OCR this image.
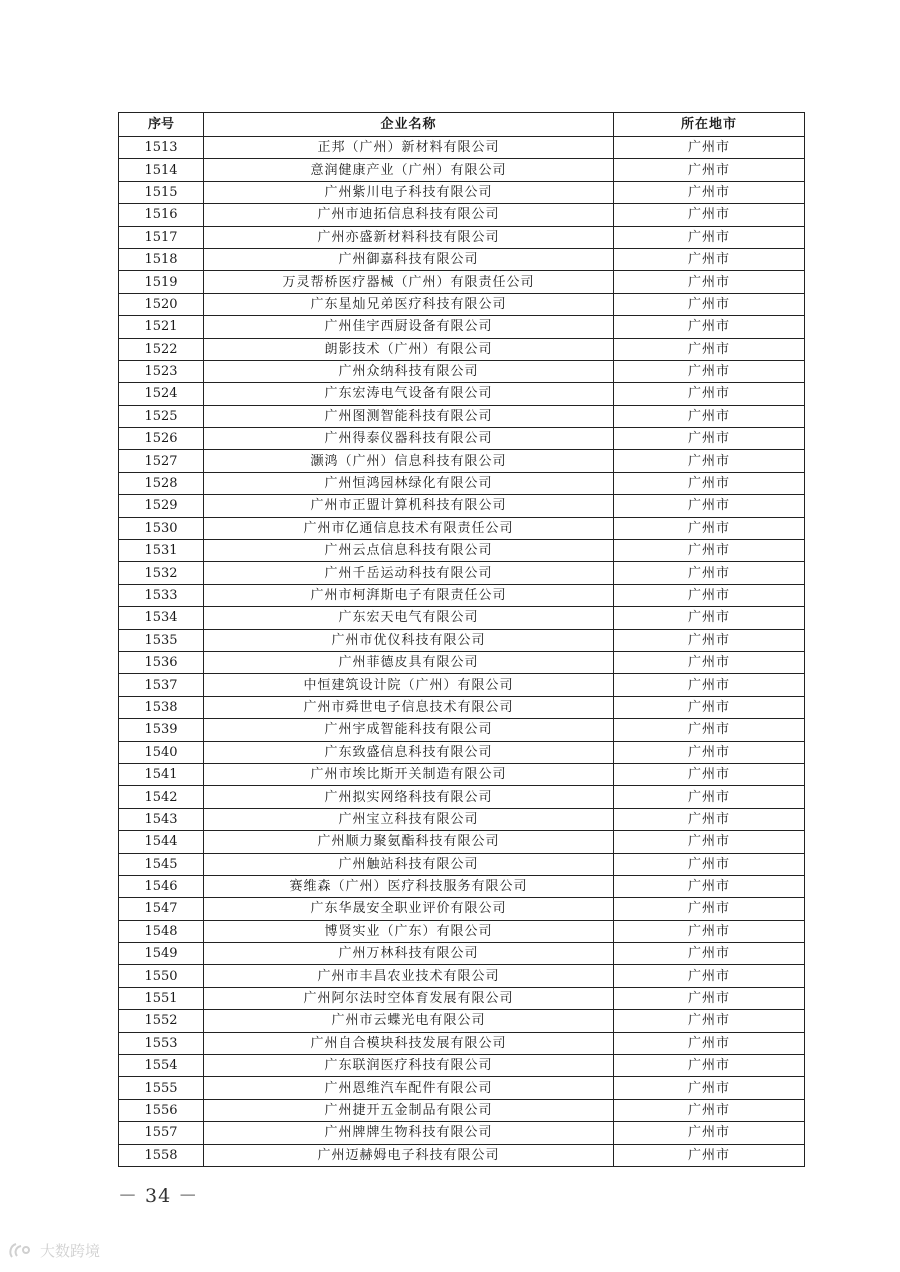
序号	企业名称	所在地市
1513	正邦（广州）新材料有限公司	广州市
1514	意润健康产业（广州）有限公司	广州市
1515	广州紫川电子科技有限公司	广州市
1516	广州市迪拓信息科技有限公司	广州市
1517	广州亦盛新材料科技有限公司	广州市
1518	广州御嘉科技有限公司	广州市
1519	万灵帮桥医疗器械（广州）有限责任公司	广州市
1520	广东星灿兄弟医疗科技有限公司	广州市
1521	广州佳宇西厨设备有限公司	广州市
1522	朗影技术（广州）有限公司	广州市
1523	广州众纳科技有限公司	广州市
1524	广东宏涛电气设备有限公司	广州市
1525	广州图测智能科技有限公司	广州市
1526	广州得泰仪器科技有限公司	广州市
1527	灏鸿（广州）信息科技有限公司	广州市
1528	广州恒鸿园林绿化有限公司	广州市
1529	广州市正盟计算机科技有限公司	广州市
1530	广州市亿通信息技术有限责任公司	广州市
1531	广州云点信息科技有限公司	广州市
1532	广州千岳运动科技有限公司	广州市
1533	广州市柯湃斯电子有限责任公司	广州市
1534	广东宏天电气有限公司	广州市
1535	广州市优仪科技有限公司	广州市
1536	广州菲德皮具有限公司	广州市
1537	中恒建筑设计院（广州）有限公司	广州市
1538	广州市舜世电子信息技术有限公司	广州市
1539	广州宇成智能科技有限公司	广州市
1540	广东致盛信息科技有限公司	广州市
1541	广州市埃比斯开关制造有限公司	广州市
1542	广州拟实网络科技有限公司	广州市
1543	广州宝立科技有限公司	广州市
1544	广州顺力聚氨酯科技有限公司	广州市
1545	广州触站科技有限公司	广州市
1546	赛维森（广州）医疗科技服务有限公司	广州市
1547	广东华晟安全职业评价有限公司	广州市
1548	博贤实业（广东）有限公司	广州市
1549	广州万林科技有限公司	广州市
1550	广州市丰昌农业技术有限公司	广州市
1551	广州阿尔法时空体育发展有限公司	广州市
1552	广州市云蝶光电有限公司	广州市
1553	广州自合模块科技发展有限公司	广州市
1554	广东联润医疗科技有限公司	广州市
1555	广州恩维汽车配件有限公司	广州市
1556	广州捷开五金制品有限公司	广州市
1557	广州牌牌生物科技有限公司	广州市
1558	广州迈赫姆电子科技有限公司	广州市
－ 34 －
大数跨境
